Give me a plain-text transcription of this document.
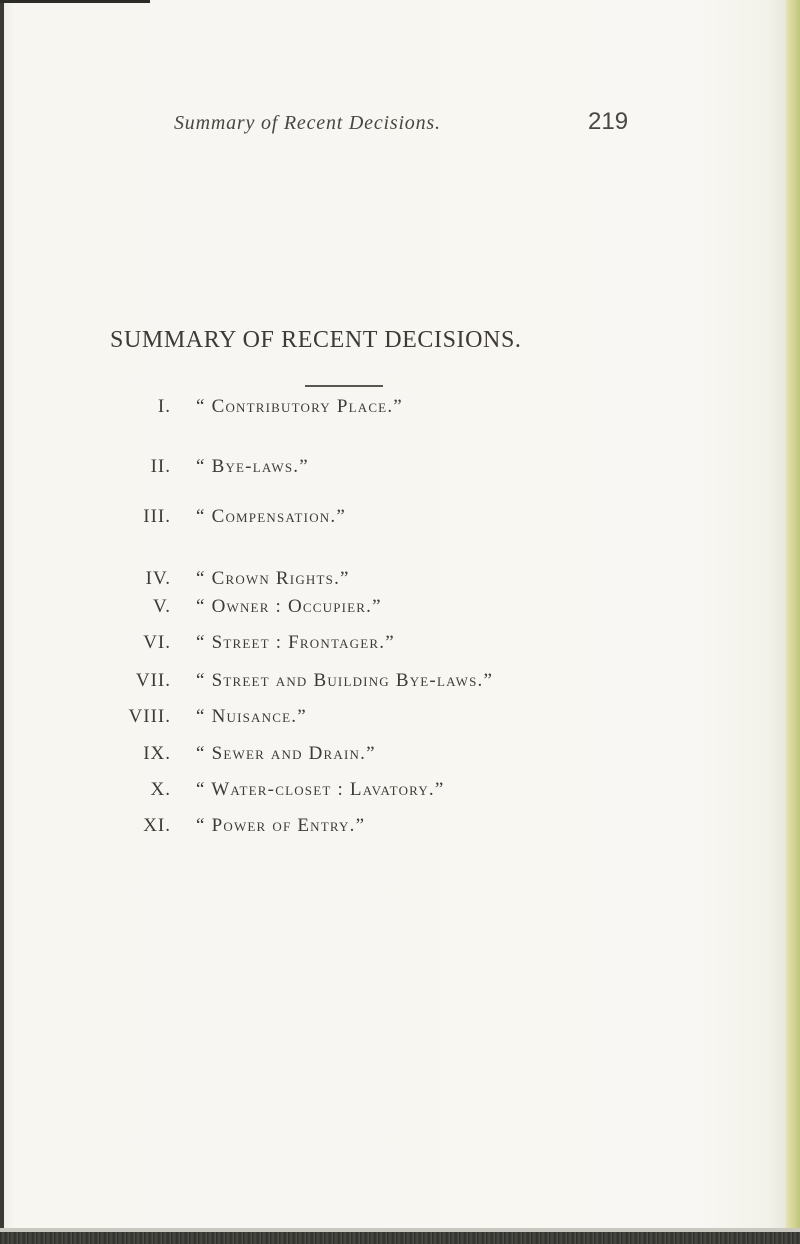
Summary of Recent Decisions.	219
SUMMARY OF RECENT DECISIONS.
I. “ Contributory Place.”
II. “ Bye-laws.”
III. “ Compensation.”
IV. “ Crown Rights.”
V. “ Owner : Occupier.”
VI. “ Street : Frontager.”
VII. “ Street and Building Bye-laws.”
VIII. “ Nuisance.”
IX. “ Sewer and Drain.”
X. “ Water-closet : Lavatory.”
XI. “ Power of Entry.”
